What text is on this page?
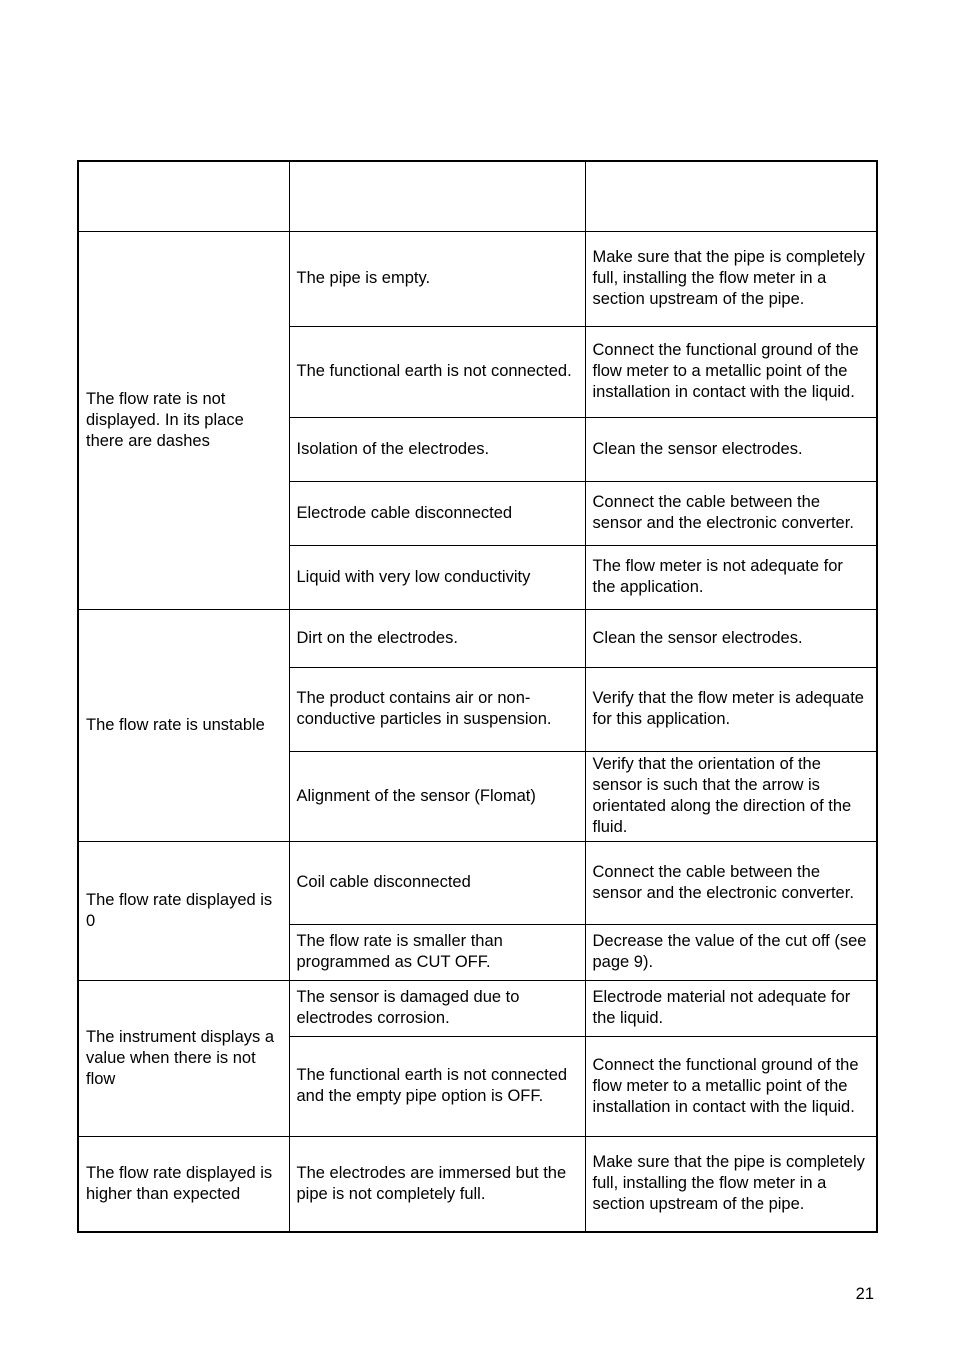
The flow rate is not displayed. In its place there are dashes	The pipe is empty.	Make sure that the pipe is completely full, installing the flow meter in a section upstream of the pipe.
	The functional earth is not connected.	Connect the functional ground of the flow meter to a metallic point of the installation in contact with the liquid.
	Isolation of the electrodes.	Clean the sensor electrodes.
	Electrode cable disconnected	Connect the cable between the sensor and the electronic converter.
	Liquid with very low conductivity	The flow meter is not adequate for the application.
The flow rate is unstable	Dirt on the electrodes.	Clean the sensor electrodes.
	The product contains air or non-conductive particles in suspension.	Verify that the flow meter is adequate for this application.
	Alignment of the sensor (Flomat)	Verify that the orientation of the sensor is such that the arrow is orientated along the direction of the fluid.
The flow rate displayed is 0	Coil cable disconnected	Connect the cable between the sensor and the electronic converter.
	The flow rate is smaller than programmed as CUT OFF.	Decrease the value of the cut off (see page 9).
The instrument displays a value when there is not flow	The sensor is damaged due to electrodes corrosion.	Electrode material not adequate for the liquid.
	The functional earth is not connected and the empty pipe option is OFF.	Connect the functional ground of the flow meter to a metallic point of the installation in contact with the liquid.
The flow rate displayed is higher than expected	The electrodes are immersed but the pipe is not completely full.	Make sure that the pipe is completely full, installing the flow meter in a section upstream of the pipe.
21
